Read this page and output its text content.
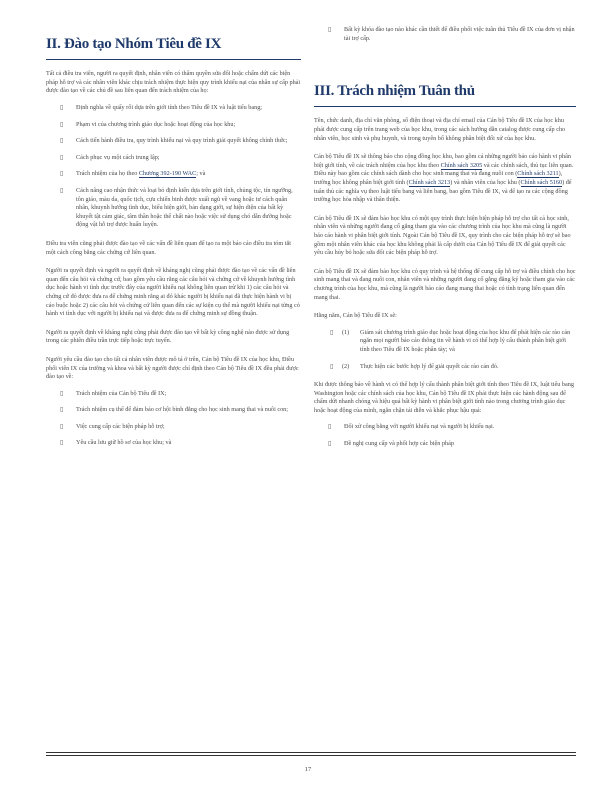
II. Đào tạo Nhóm Tiêu đề IX

Tất cả điều tra viên, người ra quyết định, nhân viên có thẩm quyền sửa đổi hoặc chấm dứt các biện pháp hỗ trợ và các nhân viên khác chịu trách nhiệm thực hiện quy trình khiếu nại của nhân sự cấp phải được đào tạo về các chủ đề sau liên quan đến trách nhiệm của họ:

▯ Định nghĩa về quấy rối dựa trên giới tính theo Tiêu đề IX và luật tiểu bang;
▯ Phạm vi của chương trình giáo dục hoặc hoạt động của học khu;
▯ Cách tiến hành điều tra, quy trình khiếu nại và quy trình giải quyết không chính thức;
▯ Cách phục vụ một cách trung lập;
▯ Trách nhiệm của họ theo Chương 392-190 WAC; và
▯ Cách nâng cao nhận thức và loại bỏ định kiến dựa trên giới tính, chủng tộc, tín ngưỡng, tôn giáo, màu da, quốc tịch, cựu chiến binh được xuất ngũ về vang hoặc tư cách quân nhân, khuynh hướng tình dục, biểu hiện giới, bản dạng giới, sự hiện diện của bất kỳ khuyết tật cảm giác, tâm thần hoặc thể chất nào hoặc việc sử dụng chó dẫn đường hoặc động vật hỗ trợ được huấn luyện.

Điều tra viên cũng phải được đào tạo về các vấn đề liên quan để tạo ra một báo cáo điều tra tóm tắt một cách công bằng các chứng cứ liên quan.

Người ra quyết định và người ra quyết định về kháng nghị cũng phải được đào tạo về các vấn đề liên quan đến câu hỏi và chứng cứ, bao gồm yêu cầu rằng các câu hỏi và chứng cứ về khuynh hướng tình dục hoặc hành vi tình dục trước đây của người khiếu nại không liên quan trừ khi 1) các câu hỏi và chứng cứ đó được đưa ra để chứng minh rằng ai đó khác người bị khiếu nại đã thực hiện hành vi bị cáo buộc hoặc 2) các câu hỏi và chứng cứ liên quan đến các sự kiện cụ thể mà người khiếu nại từng có hành vi tình dục với người bị khiếu nại và được đưa ra để chứng minh sự đồng thuận.

Người ra quyết định về kháng nghị cũng phải được đào tạo về bất kỳ công nghệ nào được sử dụng trong các phiên điều trần trực tiếp hoặc trực tuyến.

Người yêu cầu đào tạo cho tất cả nhân viên được mô tả ở trên, Cán bộ Tiêu đề IX của học khu, Điều phối viên IX của trường và khoa và bất kỳ người được chỉ định theo Cán bộ Tiêu đề IX đều phải được đào tạo về:

▯ Trách nhiệm của Cán bộ Tiêu đề IX;
▯ Trách nhiệm cụ thể để đảm bảo cơ hội bình đẳng cho học sinh mang thai và nuôi con;
▯ Việc cung cấp các biện pháp hỗ trợ;
▯ Yêu cầu lưu giữ hồ sơ của học khu; và
▯ Bất kỳ khóa đào tạo nào khác cần thiết để điều phối việc tuân thủ Tiêu đề IX của đơn vị nhận tài trợ cấp.
III. Trách nhiệm Tuân thủ

Tên, chức danh, địa chỉ văn phòng, số điện thoại và địa chỉ email của Cán bộ Tiêu đề IX của học khu phải được cung cấp trên trang web của học khu, trong các sách hướng dẫn catalog được cung cấp cho nhân viên, học sinh và phụ huynh, và trong tuyên bố không phân biệt đối xử của học khu.

Cán bộ Tiêu đề IX sẽ thông báo cho cộng đồng học khu, bao gồm cả những người bảo cáo hành vi phân biệt giới tính, về các trách nhiệm của học khu theo Chính sách 3205 và các chính sách, thủ tục liên quan. Điều này bao gồm các chính sách dành cho học sinh mang thai và đang nuôi con (Chính sách 3211), trường học không phân biệt giới tính (Chính sách 3213) và nhân viên của học khu (Chính sách 5160) để tuân thủ các nghĩa vụ theo luật tiểu bang và liên bang, bao gồm Tiêu đề IX, và để tạo ra các cộng đồng trường học hòa nhập và thân thiện.

Cán bộ Tiêu đề IX sẽ đảm bảo học khu có một quy trình thực hiện biện pháp hỗ trợ cho tất cả học sinh, nhân viên và những người đang cố gắng tham gia vào các chương trình của học khu mà cũng là người báo cáo hành vi phân biệt giới tính. Ngoài Cán bộ Tiêu đề IX, quy trình cho các biện pháp hỗ trợ sẽ bao gồm một nhân viên khác của học khu không phải là cấp dưới của Cán bộ Tiêu đề IX để giải quyết các yêu cầu hủy bỏ hoặc sửa đổi các biện pháp hỗ trợ.

Cán bộ Tiêu đề IX sẽ đảm bảo học khu có quy trình và hệ thống để cung cấp hỗ trợ và điều chỉnh cho học sinh mang thai và đang nuôi con, nhân viên và những người đang cố gắng đăng ký hoặc tham gia vào các chương trình của học khu, mà cũng là người bảo cáo đang mang thai hoặc có tình trạng liên quan đến mang thai.

Hằng năm, Cán bộ Tiêu đề IX sẽ:

▯ (1) Giám sát chương trình giáo dục hoặc hoạt động của học khu để phát hiện các rào cản ngăn mọi người báo cáo thông tin về hành vi có thể hợp lý cấu thành phân biệt giới tính theo Tiêu đề IX hoặc phân tày; và
▯ (2) Thực hiện các bước hợp lý để giải quyết các rào cản đó.

Khi được thông báo về hành vi có thể hợp lý cấu thành phân biệt giới tính theo Tiêu đề IX, luật tiểu bang Washington hoặc các chính sách của học khu, Cán bộ Tiêu đề IX phải thực hiện các hành động sau để chấm dứt nhanh chóng và hiệu quả bất kỳ hành vi phân biệt giới tính nào trong chương trình giáo dục hoặc hoạt động của mình, ngăn chặn tái diễn và khắc phục hậu quả:

▯ Đối xử công bằng với người khiếu nại và người bị khiếu nại.
▯ Đề nghị cung cấp và phối hợp các biện pháp
17
